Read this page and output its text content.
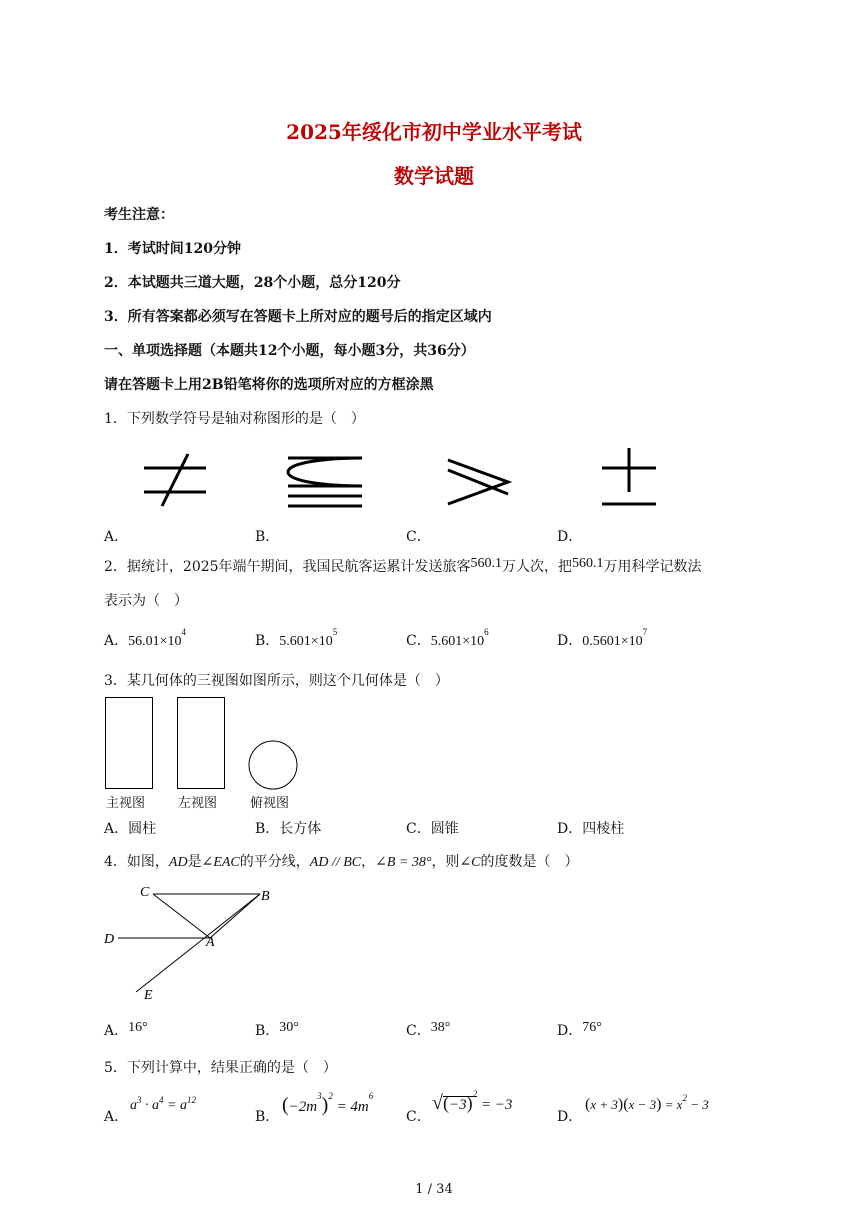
2025年绥化市初中学业水平考试
数学试题
考生注意：
1．考试时间120分钟
2．本试题共三道大题，28个小题，总分120分
3．所有答案都必须写在答题卡上所对应的题号后的指定区域内
一、单项选择题（本题共12个小题，每小题3分，共36分）
请在答题卡上用2B铅笔将你的选项所对应的方框涂黑
1．下列数学符号是轴对称图形的是（　）
A．	B．	C．	D．
2．据统计，2025年端午期间，我国民航客运累计发送旅客560.1万人次，把560.1万用科学记数法
表示为（　）
A．$56.01\times 10^4$
B．$5.601\times 10^5$
C．$5.601\times 10^6$
D．$0.5601\times 10^7$
3．某几何体的三视图如图所示，则这个几何体是（　）
主视图	左视图	俯视图
A．圆柱	B．长方体	C．圆锥	D．四棱柱
4．如图，AD是∠EAC的平分线，AD // BC，∠B = 38°，则∠C的度数是（　）
C	B
D	A
E
A．16°	B．30°	C．38°	D．76°
5．下列计算中，结果正确的是（　）
A．
$a^3 \cdot a^4 = a^{12}$
B．
$(-2m^3)^2 = 4m^6$
C．
$√(-3)^2 = -3$
D．
$(x + 3)(x - 3) = x^2 - 3$
1 / 34
